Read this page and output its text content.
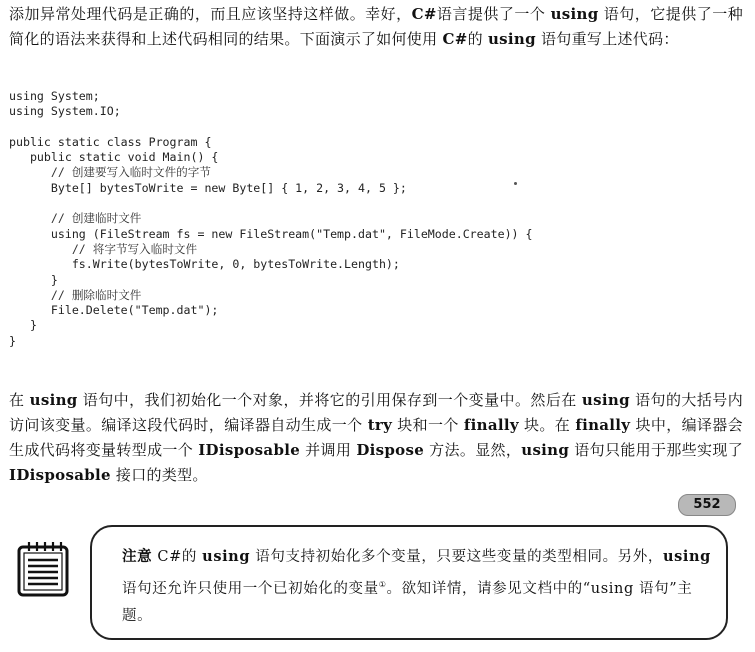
添加异常处理代码是正确的，而且应该坚持这样做。幸好，C#语言提供了一个 using 语句，它提供了一种简化的语法来获得和上述代码相同的结果。下面演示了如何使用 C#的 using 语句重写上述代码：

using System;
using System.IO;

public static class Program {
public static void Main() {
// 创建要写入临时文件的字节
Byte[] bytesToWrite = new Byte[] { 1, 2, 3, 4, 5 };

// 创建临时文件
using (FileStream fs = new FileStream("Temp.dat", FileMode.Create)) {
// 将字节写入临时文件
fs.Write(bytesToWrite, 0, bytesToWrite.Length);
}
// 删除临时文件
File.Delete("Temp.dat");
}
}

在 using 语句中，我们初始化一个对象，并将它的引用保存到一个变量中。然后在 using 语句的大括号内访问该变量。编译这段代码时，编译器自动生成一个 try 块和一个 finally 块。在 finally 块中，编译器会生成代码将变量转型成一个 IDisposable 并调用 Dispose 方法。显然，using 语句只能用于那些实现了 IDisposable 接口的类型。

552
注意 C#的 using 语句支持初始化多个变量，只要这些变量的类型相同。另外，using 语句还允许只使用一个已初始化的变量①。欲知详情，请参见文档中的“using 语句”主题。
